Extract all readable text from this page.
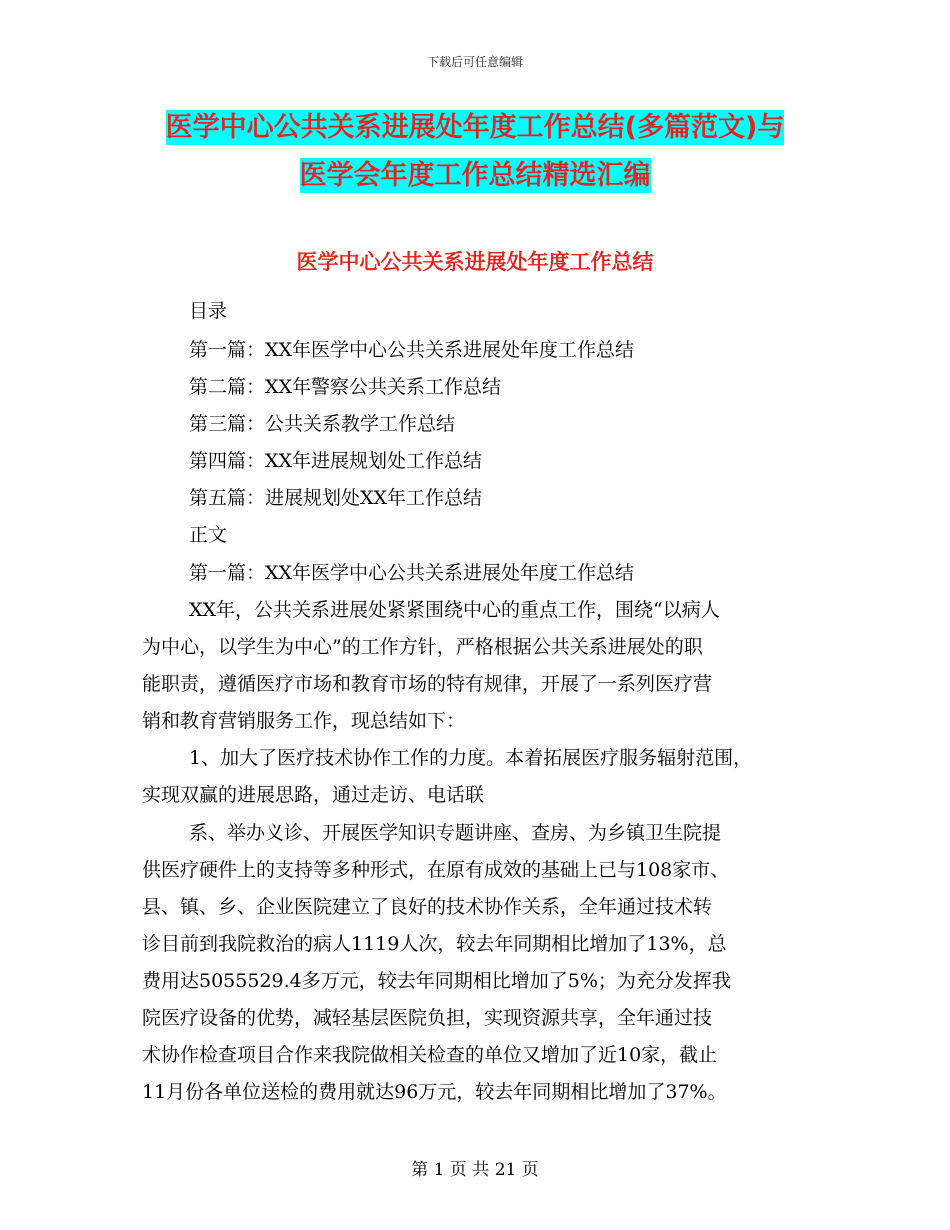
下载后可任意编辑
医学中心公共关系进展处年度工作总结(多篇范文)与
医学会年度工作总结精选汇编
医学中心公共关系进展处年度工作总结
目录
第一篇：XX年医学中心公共关系进展处年度工作总结
第二篇：XX年警察公共关系工作总结
第三篇：公共关系教学工作总结
第四篇：XX年进展规划处工作总结
第五篇：进展规划处XX年工作总结
正文
第一篇：XX年医学中心公共关系进展处年度工作总结
XX年，公共关系进展处紧紧围绕中心的重点工作，围绕“以病人
为中心，以学生为中心”的工作方针，严格根据公共关系进展处的职
能职责，遵循医疗市场和教育市场的特有规律，开展了一系列医疗营
销和教育营销服务工作，现总结如下：
1、加大了医疗技术协作工作的力度。本着拓展医疗服务辐射范围，
实现双赢的进展思路，通过走访、电话联
系、举办义诊、开展医学知识专题讲座、查房、为乡镇卫生院提
供医疗硬件上的支持等多种形式，在原有成效的基础上已与108家市、
县、镇、乡、企业医院建立了良好的技术协作关系，全年通过技术转
诊目前到我院救治的病人1119人次，较去年同期相比增加了13%，总
费用达5055529.4多万元，较去年同期相比增加了5%；为充分发挥我
院医疗设备的优势，减轻基层医院负担，实现资源共享，全年通过技
术协作检查项目合作来我院做相关检查的单位又增加了近10家，截止
11月份各单位送检的费用就达96万元，较去年同期相比增加了37%。
第 1 页 共 21 页
